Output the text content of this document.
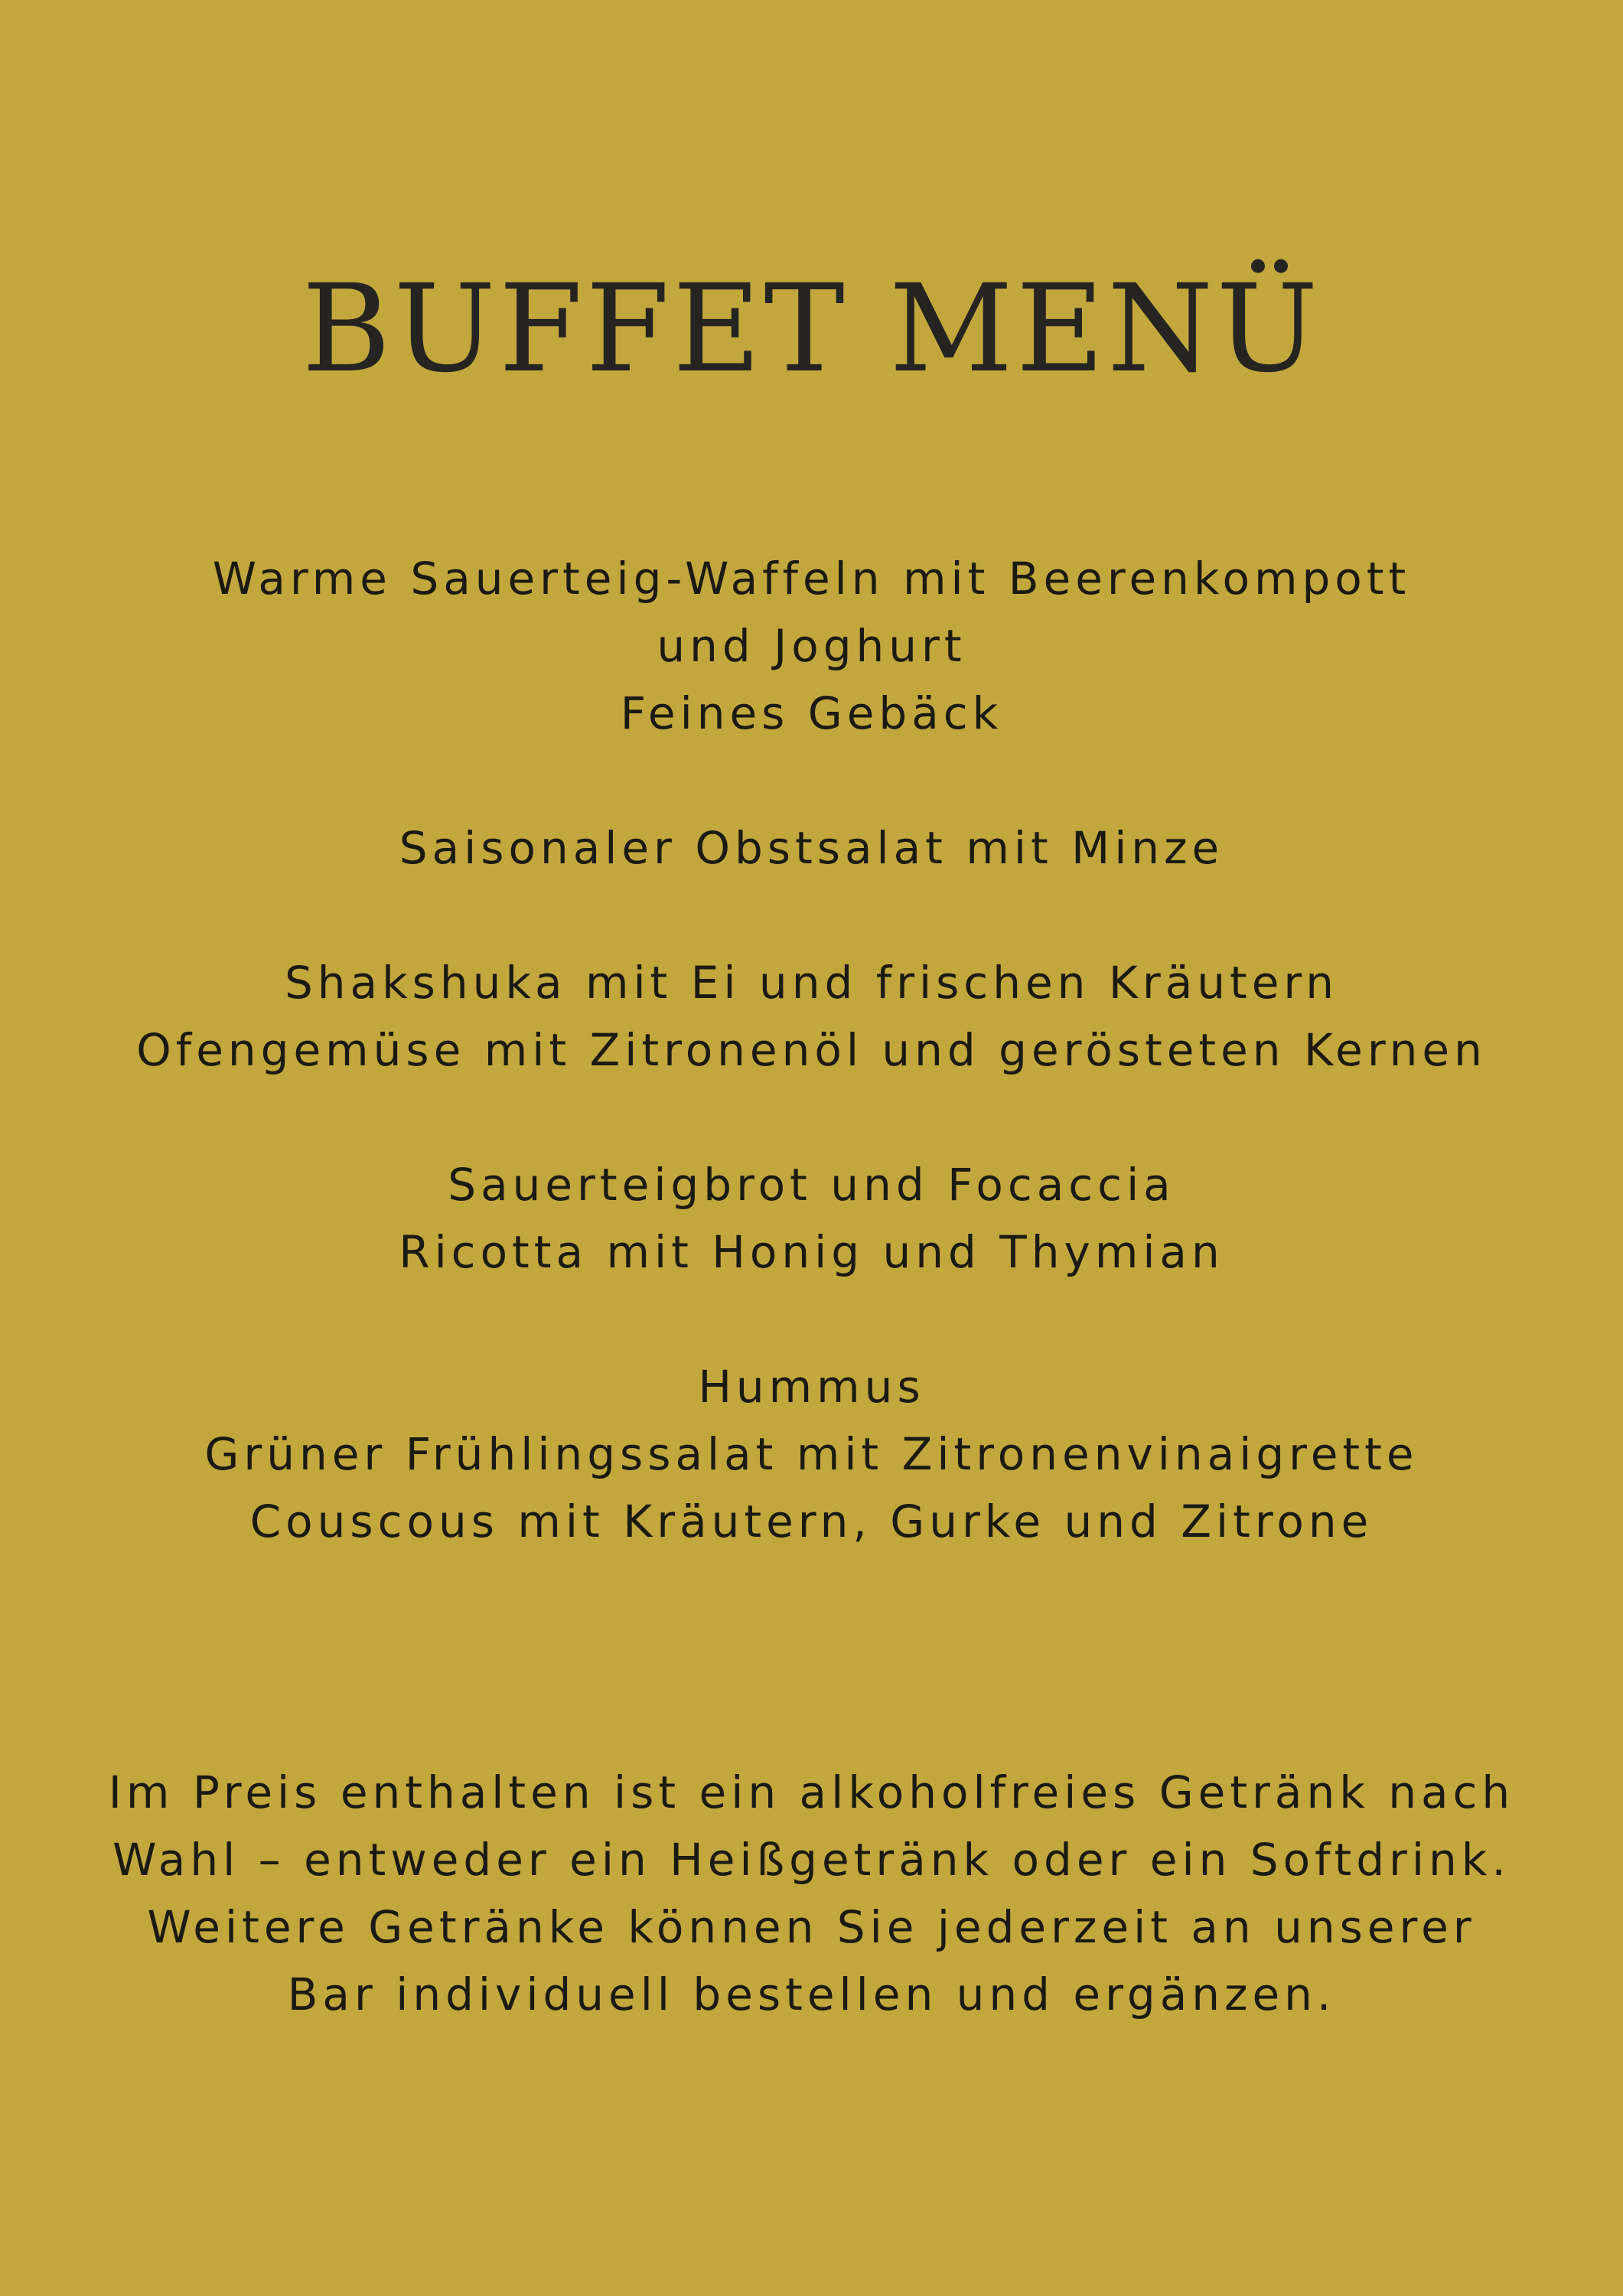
BUFFET MENÜ
Warme Sauerteig-Waffeln mit Beerenkompott
und Joghurt
Feines Gebäck
Saisonaler Obstsalat mit Minze
Shakshuka mit Ei und frischen Kräutern
Ofengemüse mit Zitronenöl und gerösteten Kernen
Sauerteigbrot und Focaccia
Ricotta mit Honig und Thymian
Hummus
Grüner Frühlingssalat mit Zitronenvinaigrette
Couscous mit Kräutern, Gurke und Zitrone
Im Preis enthalten ist ein alkoholfreies Getränk nach
Wahl – entweder ein Heißgetränk oder ein Softdrink.
Weitere Getränke können Sie jederzeit an unserer
Bar individuell bestellen und ergänzen.
